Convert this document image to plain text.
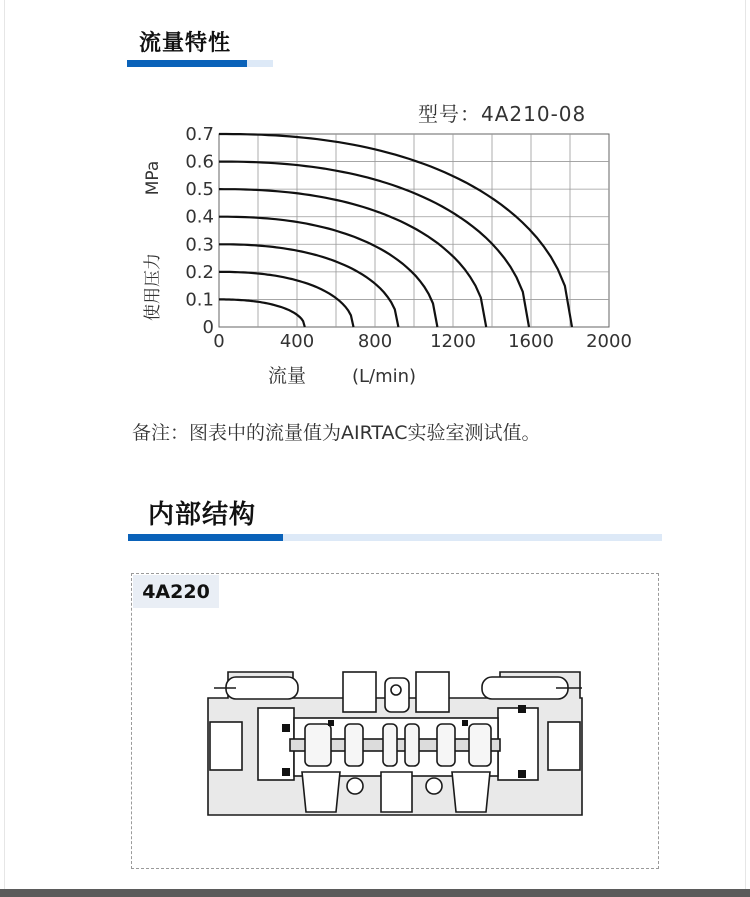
流量特性
型号：4A210-08
0
0.1
0.2
0.3
0.4
0.5
0.6
0.7
0	400 800 1200 1600 2000
MPa
使用压力
流量	(L/min)
备注：图表中的流量值为AIRTAC实验室测试值。
内部结构
4A220
